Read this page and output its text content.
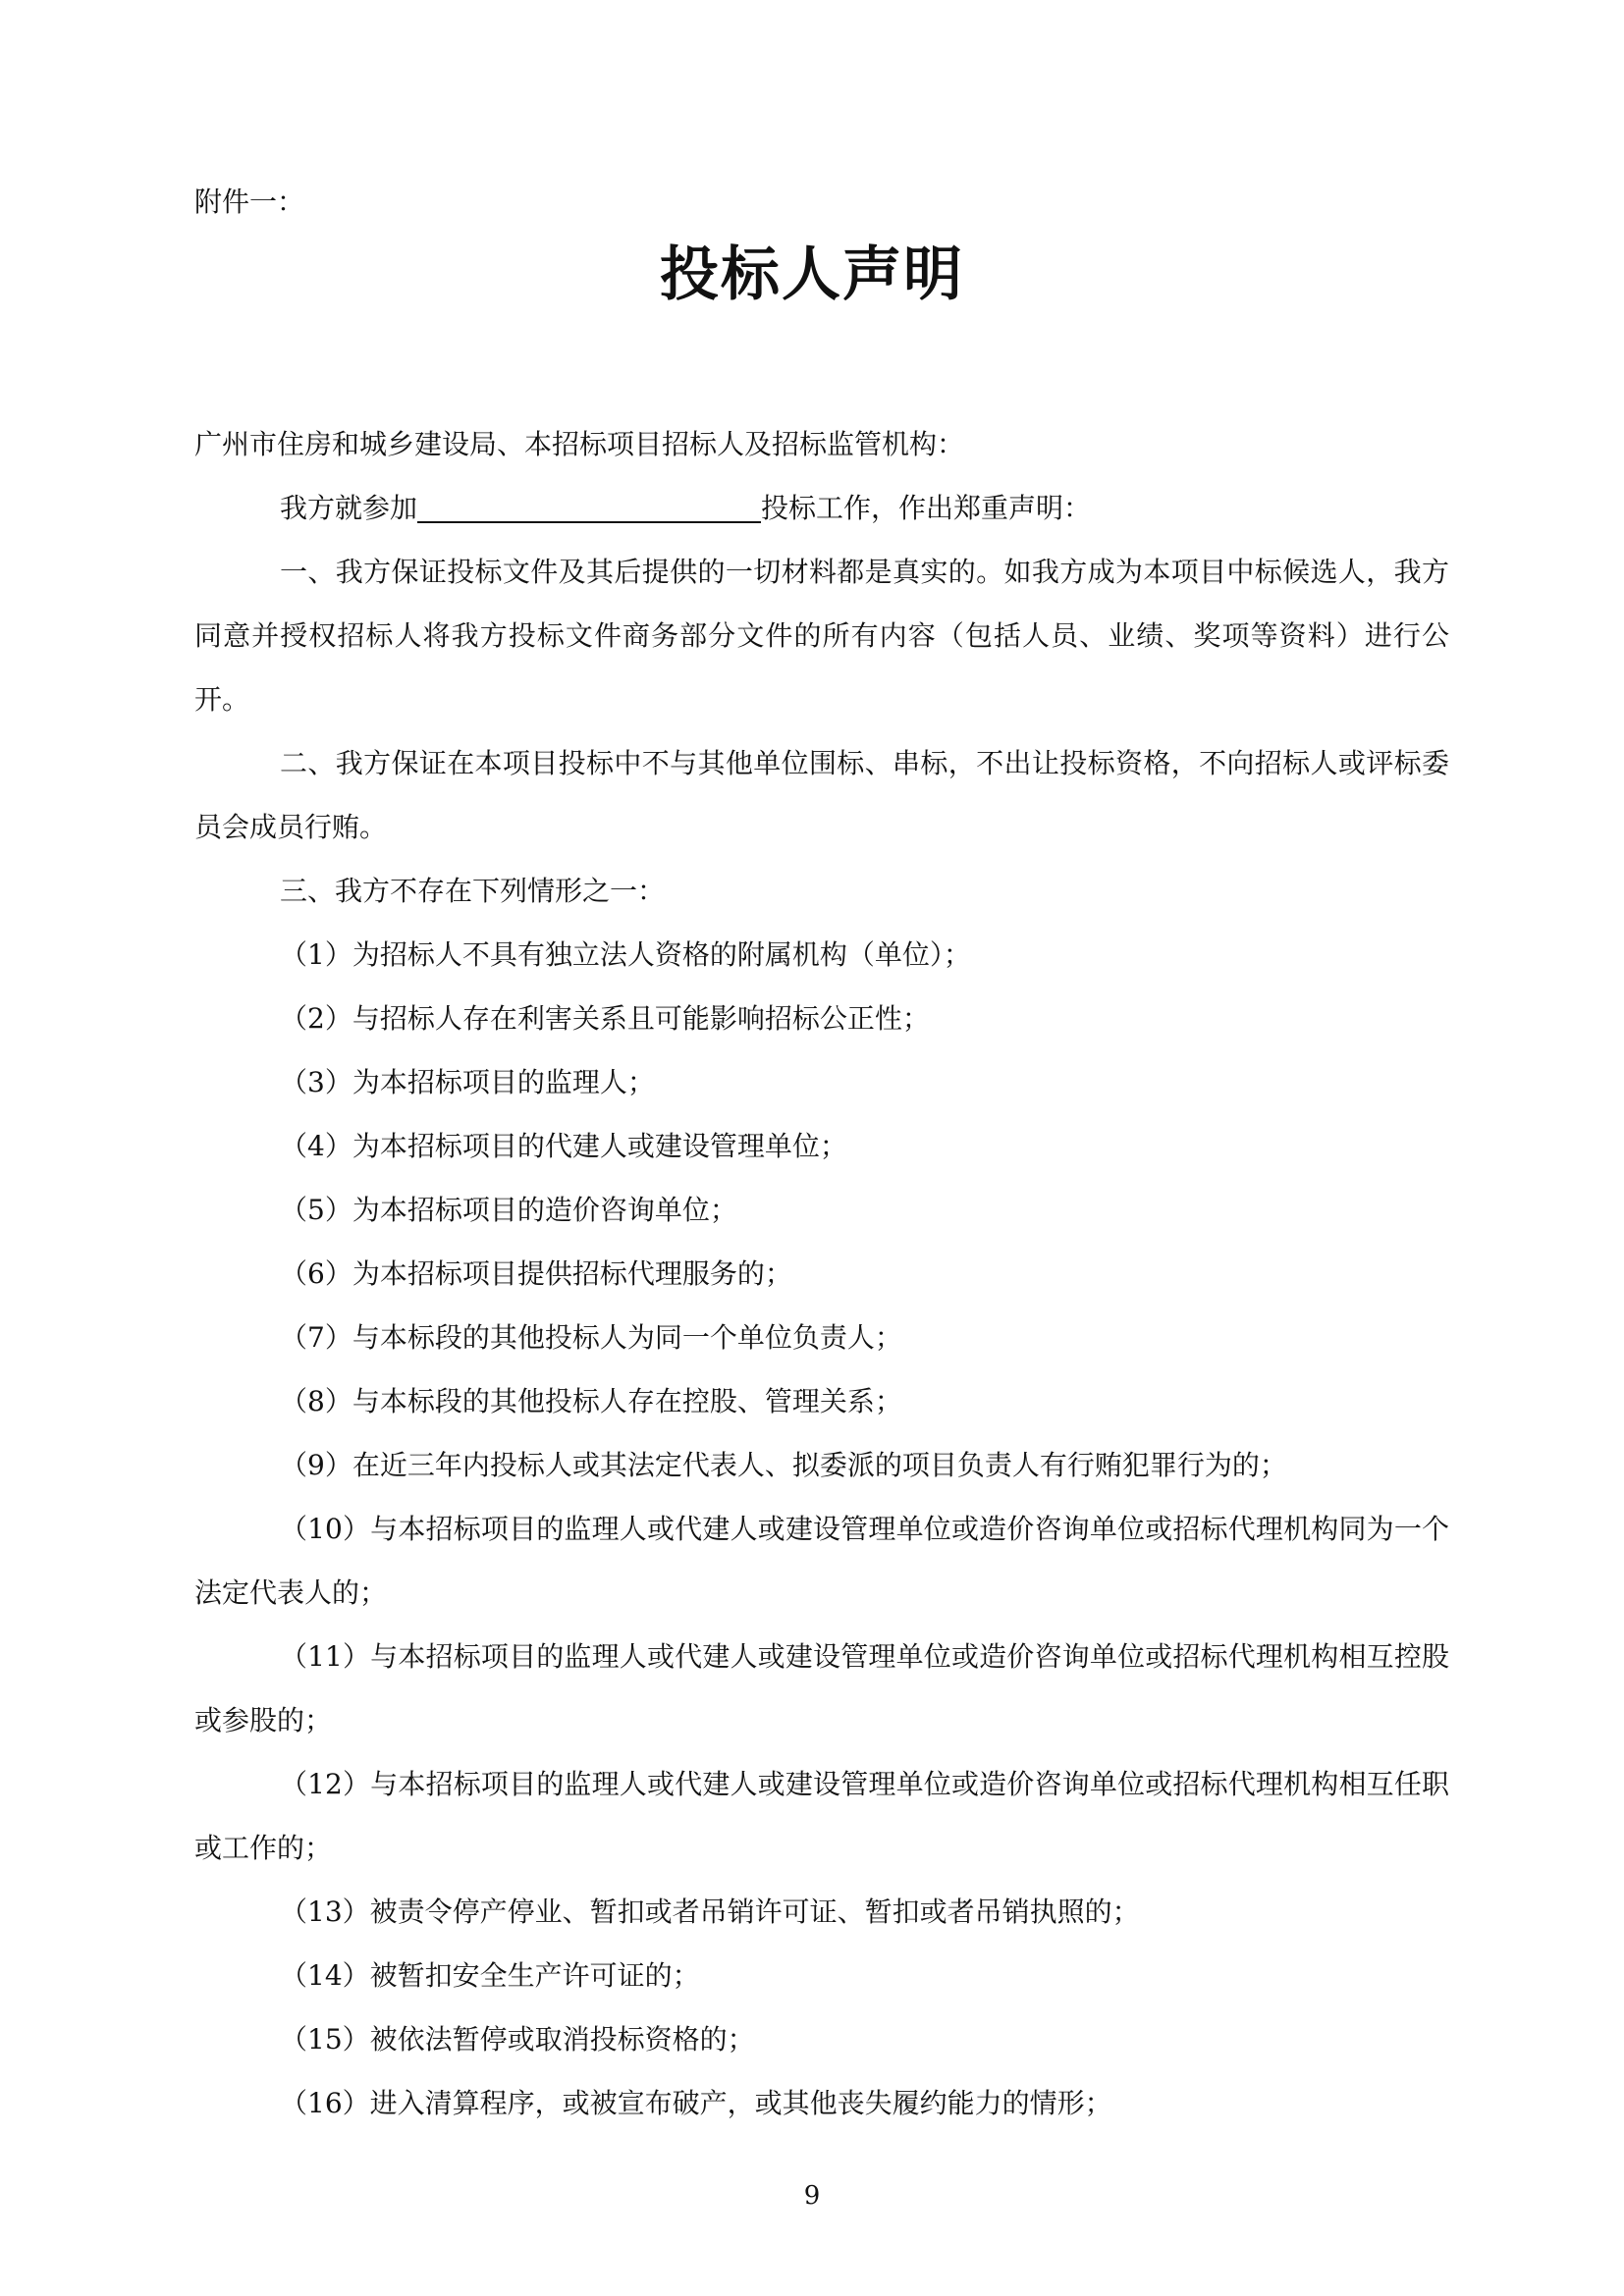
附件一：
投标人声明

广州市住房和城乡建设局、本招标项目招标人及招标监管机构：

我方就参加	投标工作，作出郑重声明：

一、我方保证投标文件及其后提供的一切材料都是真实的。如我方成为本项目中标候选人，我方同意并授权招标人将我方投标文件商务部分文件的所有内容（包括人员、业绩、奖项等资料）进行公开。

二、我方保证在本项目投标中不与其他单位围标、串标，不出让投标资格，不向招标人或评标委员会成员行贿。

三、我方不存在下列情形之一：

（1）为招标人不具有独立法人资格的附属机构（单位）；

（2）与招标人存在利害关系且可能影响招标公正性；

（3）为本招标项目的监理人；

（4）为本招标项目的代建人或建设管理单位；

（5）为本招标项目的造价咨询单位；

（6）为本招标项目提供招标代理服务的；

（7）与本标段的其他投标人为同一个单位负责人；

（8）与本标段的其他投标人存在控股、管理关系；

（9）在近三年内投标人或其法定代表人、拟委派的项目负责人有行贿犯罪行为的；

（10）与本招标项目的监理人或代建人或建设管理单位或造价咨询单位或招标代理机构同为一个法定代表人的；

（11）与本招标项目的监理人或代建人或建设管理单位或造价咨询单位或招标代理机构相互控股或参股的；

（12）与本招标项目的监理人或代建人或建设管理单位或造价咨询单位或招标代理机构相互任职或工作的；

（13）被责令停产停业、暂扣或者吊销许可证、暂扣或者吊销执照的；

（14）被暂扣安全生产许可证的；

（15）被依法暂停或取消投标资格的；

（16）进入清算程序，或被宣布破产，或其他丧失履约能力的情形；

9
